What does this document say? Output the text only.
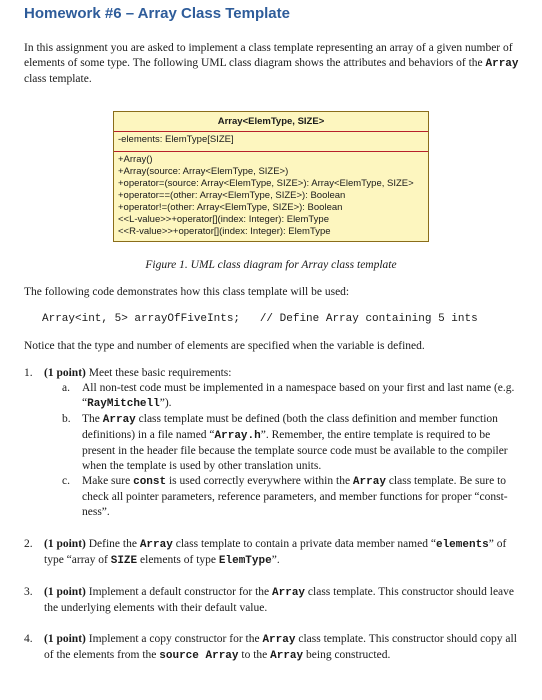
Homework #6 – Array Class Template
In this assignment you are asked to implement a class template representing an array of a given number of elements of some type. The following UML class diagram shows the attributes and behaviors of the Array class template.
Array<ElemType, SIZE>
-elements: ElemType[SIZE]
+Array()
+Array(source: Array<ElemType, SIZE>)
+operator=(source: Array<ElemType, SIZE>): Array<ElemType, SIZE>
+operator==(other: Array<ElemType, SIZE>): Boolean
+operator!=(other: Array<ElemType, SIZE>): Boolean
<<L-value>>+operator[](index: Integer): ElemType
<<R-value>>+operator[](index: Integer): ElemType
Figure 1. UML class diagram for Array class template
The following code demonstrates how this class template will be used:
Array<int, 5> arrayOfFiveInts;   // Define Array containing 5 ints
Notice that the type and number of elements are specified when the variable is defined.
1. (1 point) Meet these basic requirements:
a. All non-test code must be implemented in a namespace based on your first and last name (e.g. “RayMitchell”).
b. The Array class template must be defined (both the class definition and member function definitions) in a file named “Array.h”. Remember, the entire template is required to be present in the header file because the template source code must be available to the compiler when the template is used by other translation units.
c. Make sure const is used correctly everywhere within the Array class template. Be sure to check all pointer parameters, reference parameters, and member functions for proper “const-ness”.
2. (1 point) Define the Array class template to contain a private data member named “elements” of type “array of SIZE elements of type ElemType”.
3. (1 point) Implement a default constructor for the Array class template. This constructor should leave the underlying elements with their default value.
4. (1 point) Implement a copy constructor for the Array class template. This constructor should copy all of the elements from the source Array to the Array being constructed.
